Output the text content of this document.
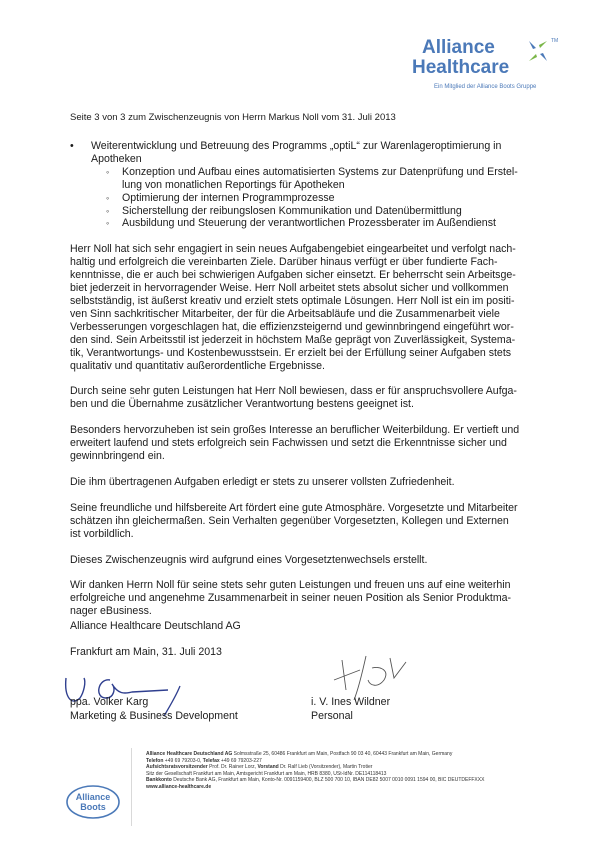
Alliance
Healthcare
TM
Ein Mitglied der Alliance Boots Gruppe
Seite 3 von 3 zum Zwischenzeugnis von Herrn Markus Noll vom 31. Juli 2013
• Weiterentwicklung und Betreuung des Programms „optiL“ zur Warenlageroptimierung in
Apotheken
◦ Konzeption und Aufbau eines automatisierten Systems zur Datenprüfung und Erstel-
lung von monatlichen Reportings für Apotheken
◦ Optimierung der internen Programmprozesse
◦ Sicherstellung der reibungslosen Kommunikation und Datenübermittlung
◦ Ausbildung und Steuerung der verantwortlichen Prozessberater im Außendienst

Herr Noll hat sich sehr engagiert in sein neues Aufgabengebiet eingearbeitet und verfolgt nach-
haltig und erfolgreich die vereinbarten Ziele. Darüber hinaus verfügt er über fundierte Fach-
kenntnisse, die er auch bei schwierigen Aufgaben sicher einsetzt. Er beherrscht sein Arbeitsge-
biet jederzeit in hervorragender Weise. Herr Noll arbeitet stets absolut sicher und vollkommen
selbstständig, ist äußerst kreativ und erzielt stets optimale Lösungen. Herr Noll ist ein im positi-
ven Sinn sachkritischer Mitarbeiter, der für die Arbeitsabläufe und die Zusammenarbeit viele
Verbesserungen vorgeschlagen hat, die effizienzsteigernd und gewinnbringend eingeführt wor-
den sind. Sein Arbeitsstil ist jederzeit in höchstem Maße geprägt von Zuverlässigkeit, Systema-
tik, Verantwortungs- und Kostenbewusstsein. Er erzielt bei der Erfüllung seiner Aufgaben stets
qualitativ und quantitativ außerordentliche Ergebnisse.

Durch seine sehr guten Leistungen hat Herr Noll bewiesen, dass er für anspruchsvollere Aufga-
ben und die Übernahme zusätzlicher Verantwortung bestens geeignet ist.

Besonders hervorzuheben ist sein großes Interesse an beruflicher Weiterbildung. Er vertieft und
erweitert laufend und stets erfolgreich sein Fachwissen und setzt die Erkenntnisse sicher und
gewinnbringend ein.

Die ihm übertragenen Aufgaben erledigt er stets zu unserer vollsten Zufriedenheit.

Seine freundliche und hilfsbereite Art fördert eine gute Atmosphäre. Vorgesetzte und Mitarbeiter
schätzen ihn gleichermaßen. Sein Verhalten gegenüber Vorgesetzten, Kollegen und Externen
ist vorbildlich.

Dieses Zwischenzeugnis wird aufgrund eines Vorgesetztenwechsels erstellt.

Wir danken Herrn Noll für seine stets sehr guten Leistungen und freuen uns auf eine weiterhin
erfolgreiche und angenehme Zusammenarbeit in seiner neuen Position als Senior Produktma-
nager eBusiness.

Alliance Healthcare Deutschland AG
Frankfurt am Main, 31. Juli 2013
ppa. Volker Karg
Marketing & Business Development
i. V. Ines Wildner
Personal
Alliance
Boots
Alliance Healthcare Deutschland AG Solmsstraße 25, 60486 Frankfurt am Main, Postfach 90 03 40, 60443 Frankfurt am Main, Germany
Telefon +49 69 79203-0, Telefax +49 69 79203-227
Aufsichtsratsvorsitzender Prof. Dr. Rainer Lorz, Vorstand Dr. Ralf Lieb (Vorsitzender), Martin Trotier
Sitz der Gesellschaft Frankfurt am Main, Amtsgericht Frankfurt am Main, HRB 8380, USt-IdNr. DE114118413
Bankkonto Deutsche Bank AG, Frankfurt am Main, Konto-Nr. 0091159400, BLZ 500 700 10, IBAN DE82 5007 0010 0091 1594 00, BIC DEUTDEFFXXX
www.alliance-healthcare.de
